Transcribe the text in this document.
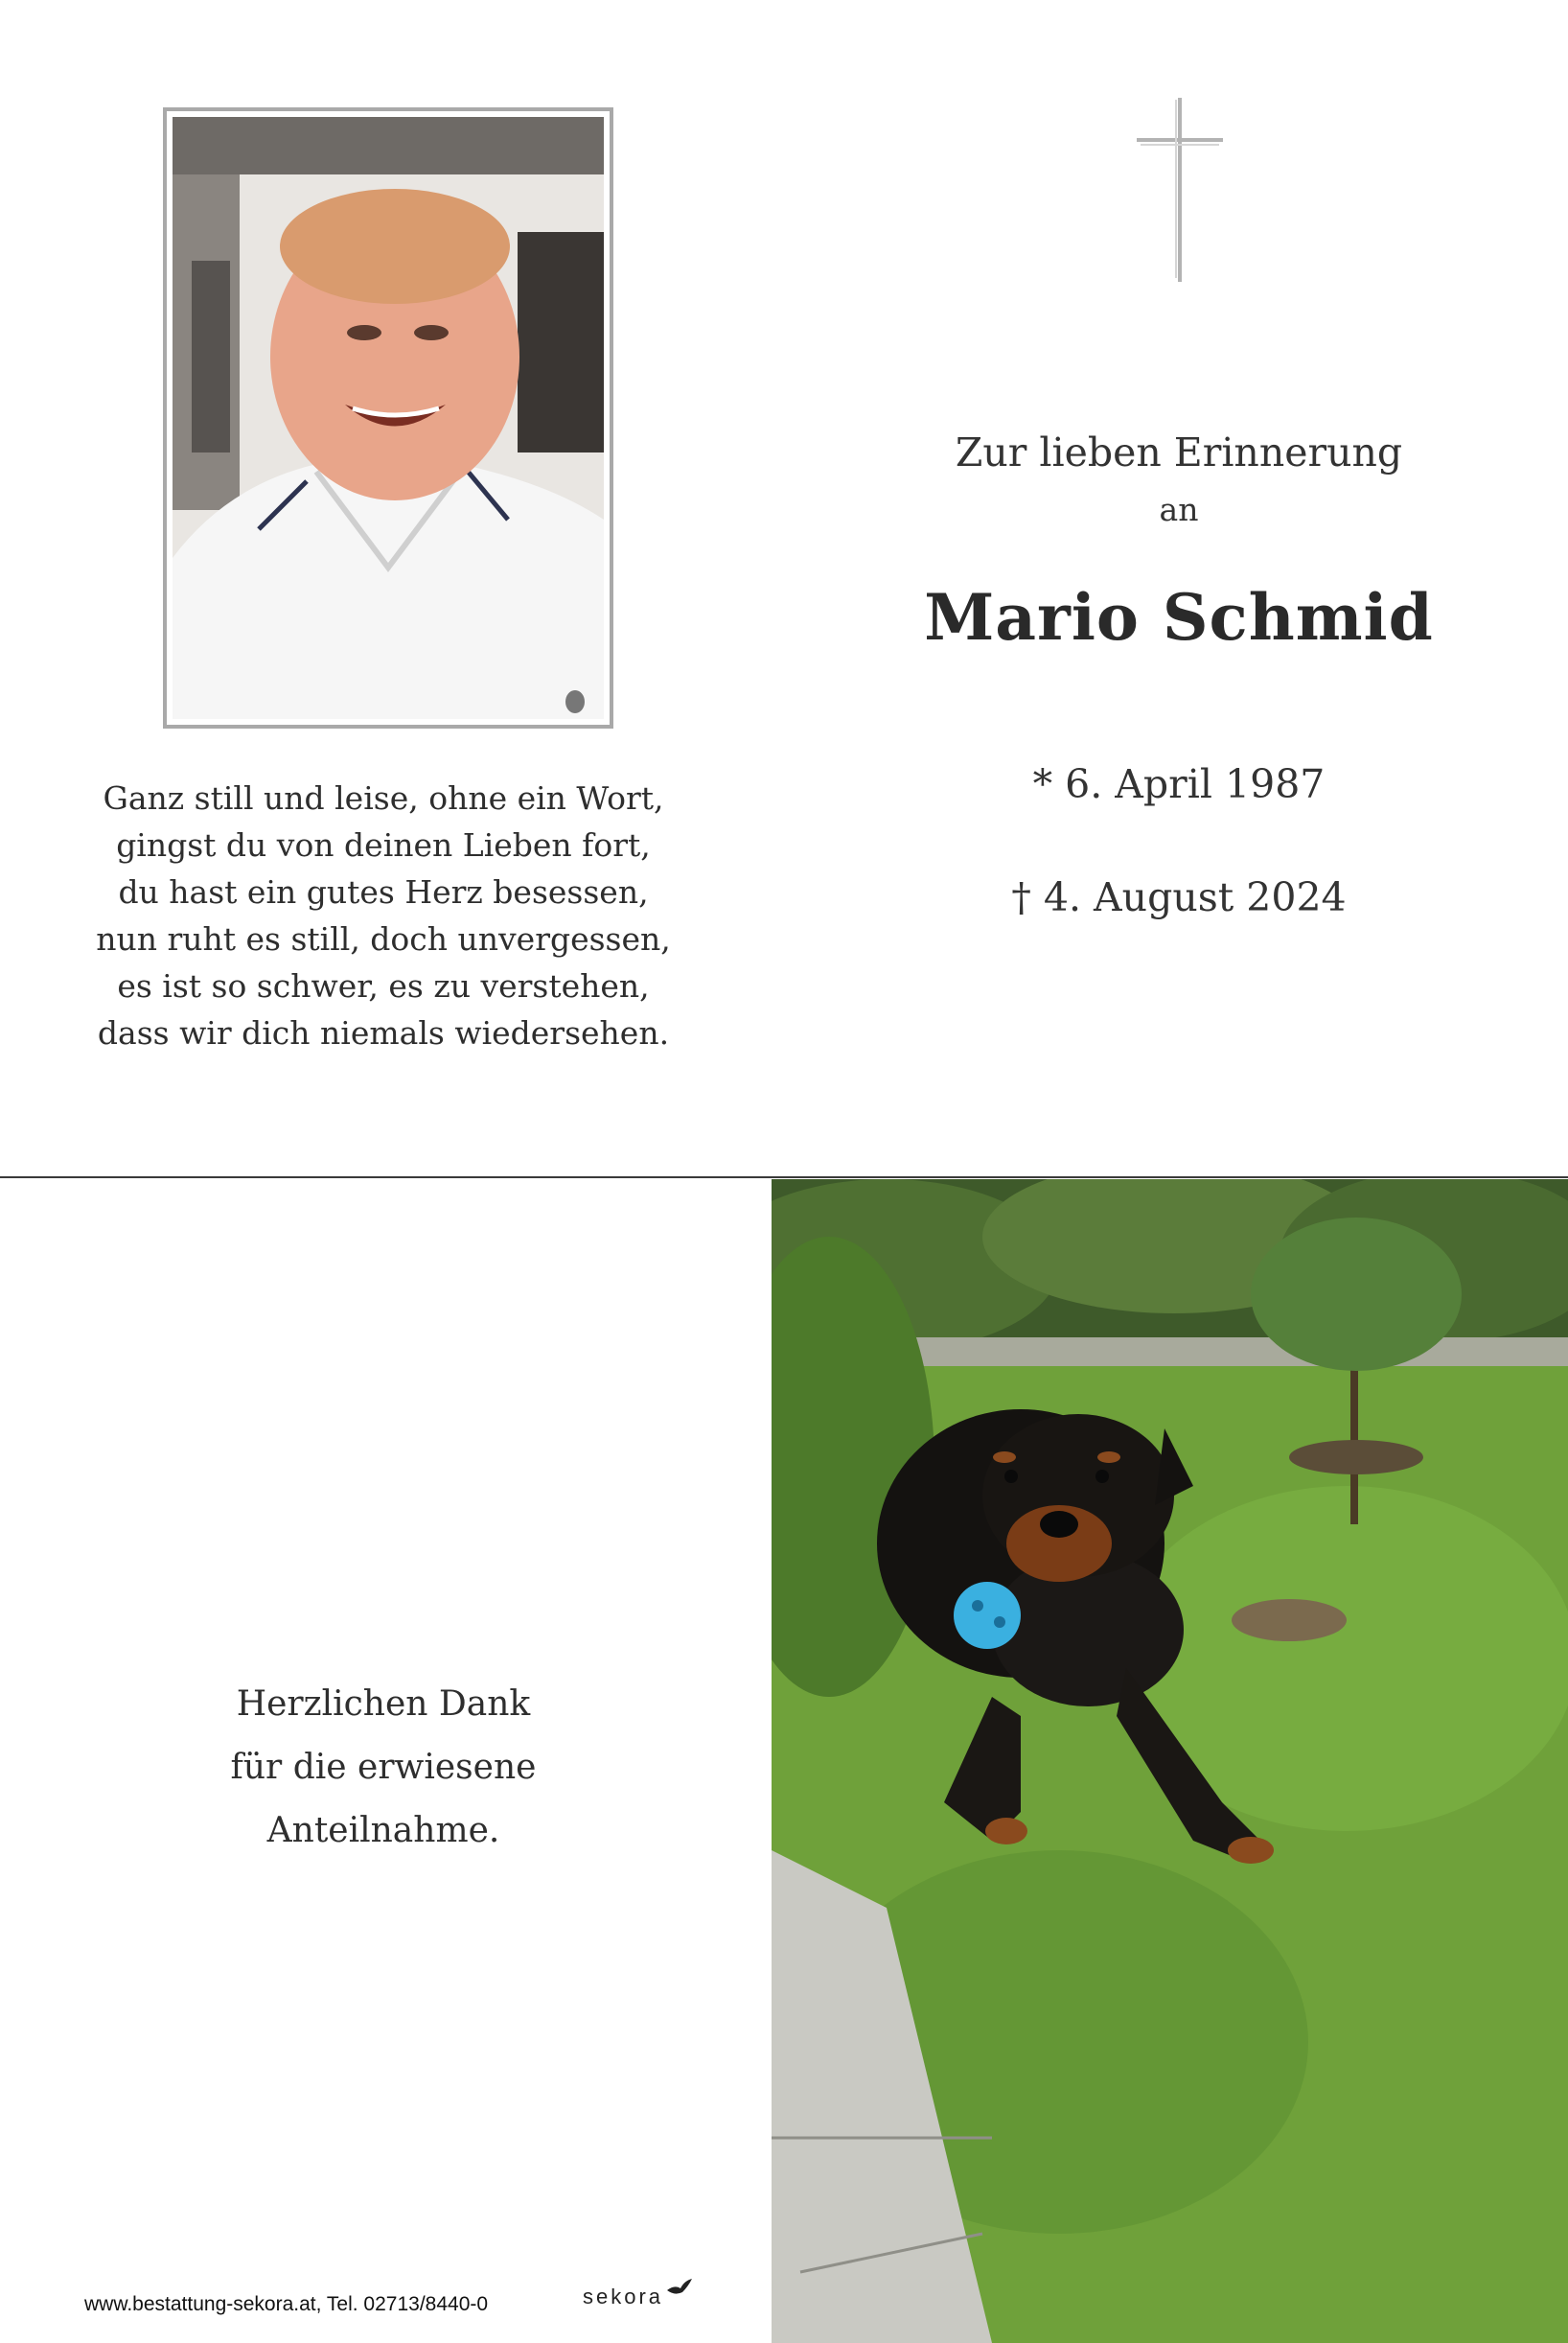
Ganz still und leise, ohne ein Wort,
gingst du von deinen Lieben fort,
du hast ein gutes Herz besessen,
nun ruht es still, doch unvergessen,
es ist so schwer, es zu verstehen,
dass wir dich niemals wiedersehen.
Zur lieben Erinnerung
an
Mario Schmid
* 6. April 1987
† 4. August 2024
Herzlichen Dank
für die erwiesene
Anteilnahme.
www.bestattung-sekora.at, Tel. 02713/8440-0	sekora
